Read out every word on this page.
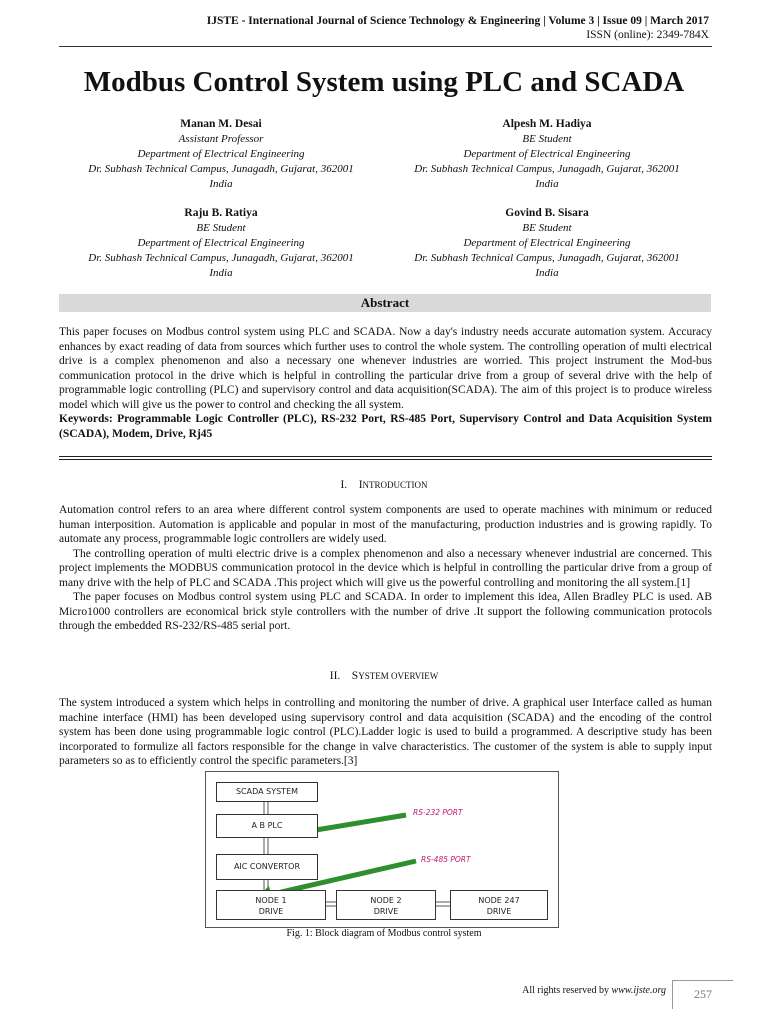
IJSTE - International Journal of Science Technology & Engineering | Volume 3 | Issue 09 | March 2017
ISSN (online): 2349-784X
Modbus Control System using PLC and SCADA
Manan M. Desai
Assistant Professor
Department of Electrical Engineering
Dr. Subhash Technical Campus, Junagadh, Gujarat, 362001
India
Alpesh M. Hadiya
BE Student
Department of Electrical Engineering
Dr. Subhash Technical Campus, Junagadh, Gujarat, 362001
India
Raju B. Ratiya
BE Student
Department of Electrical Engineering
Dr. Subhash Technical Campus, Junagadh, Gujarat, 362001
India
Govind B. Sisara
BE Student
Department of Electrical Engineering
Dr. Subhash Technical Campus, Junagadh, Gujarat, 362001
India
Abstract

This paper focuses on Modbus control system using PLC and SCADA. Now a day's industry needs accurate automation system. Accuracy enhances by exact reading of data from sources which further uses to control the whole system. The controlling operation of multi electrical drive is a complex phenomenon and also a necessary one whenever industries are worried. This project instrument the Mod-bus communication protocol in the drive which is helpful in controlling the particular drive from a group of several drive with the help of programmable logic controlling (PLC) and supervisory control and data acquisition(SCADA). The aim of this project is to produce wireless model which will give us the power to control and checking the all system.

Keywords: Programmable Logic Controller (PLC), RS-232 Port, RS-485 Port, Supervisory Control and Data Acquisition System (SCADA), Modem, Drive, Rj45

I. INTRODUCTION

Automation control refers to an area where different control system components are used to operate machines with minimum or reduced human interposition. Automation is applicable and popular in most of the manufacturing, production industries and is growing rapidly. To automate any process, programmable logic controllers are widely used.

The controlling operation of multi electric drive is a complex phenomenon and also a necessary whenever industrial are concerned. This project implements the MODBUS communication protocol in the device which is helpful in controlling the particular drive from a group of many drive with the help of PLC and SCADA .This project which will give us the powerful controlling and monitoring the all system.[1]

The paper focuses on Modbus control system using PLC and SCADA. In order to implement this idea, Allen Bradley PLC is used. AB Micro1000 controllers are economical brick style controllers with the number of drive .It support the following communication protocols through the embedded RS-232/RS-485 serial port.

II. SYSTEM OVERVIEW

The system introduced a system which helps in controlling and monitoring the number of drive. A graphical user Interface called as human machine interface (HMI) has been developed using supervisory control and data acquisition (SCADA) and the encoding of the control system has been done using programmable logic control (PLC).Ladder logic is used to build a programmed. A descriptive study has been incorporated to formulize all factors responsible for the change in valve characteristics. The customer of the system is able to supply input parameters so as to efficiently control the specific parameters.[3]

RS-232 PORT
RS-485 PORT
SCADA SYSTEM
A B PLC
AIC CONVERTOR
NODE 1
DRIVE
NODE 2
DRIVE
NODE 247
DRIVE
Fig. 1: Block diagram of Modbus control system
All rights reserved by www.ijste.org	257
